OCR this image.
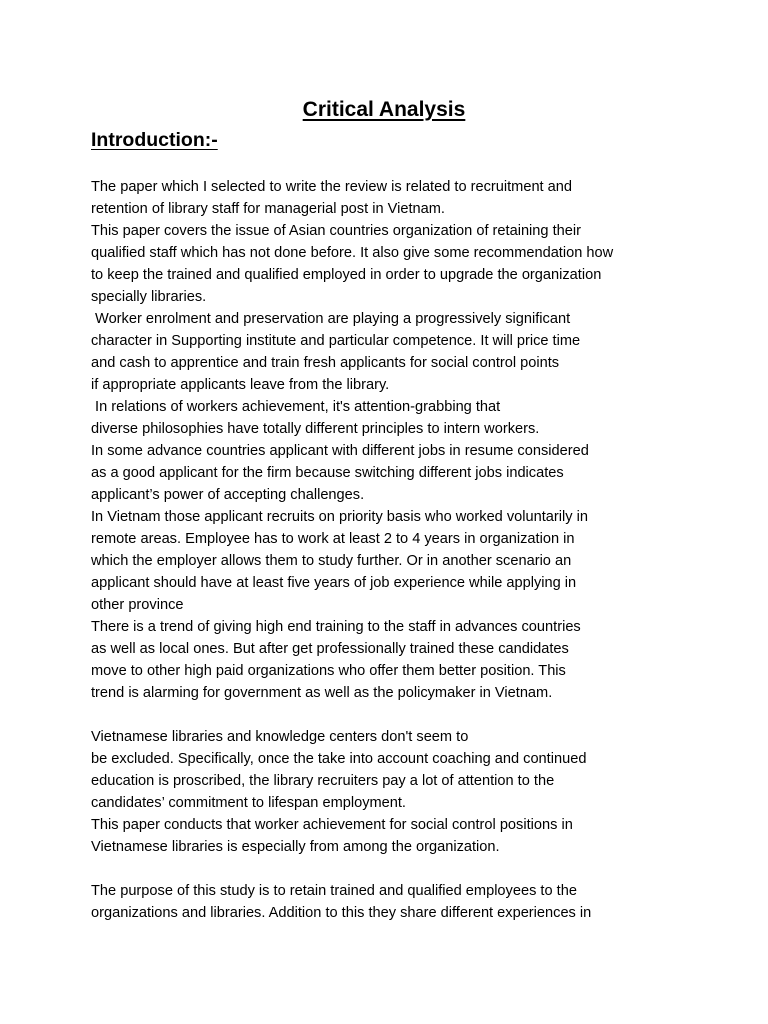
Critical Analysis
Introduction:-
The paper which I selected to write the review is related to recruitment and
retention of library staff for managerial post in Vietnam.
This paper covers the issue of Asian countries organization of retaining their
qualified staff which has not done before. It also give some recommendation how
to keep the trained and qualified employed in order to upgrade the organization
specially libraries.
Worker enrolment and preservation are playing a progressively significant
character in Supporting institute and particular competence. It will price time
and cash to apprentice and train fresh applicants for social control points
if appropriate applicants leave from the library.
In relations of workers achievement, it's attention-grabbing that
diverse philosophies have totally different principles to intern workers.
In some advance countries applicant with different jobs in resume considered
as a good applicant for the firm because switching different jobs indicates
applicant’s power of accepting challenges.
In Vietnam those applicant recruits on priority basis who worked voluntarily in
remote areas. Employee has to work at least 2 to 4 years in organization in
which the employer allows them to study further. Or in another scenario an
applicant should have at least five years of job experience while applying in
other province
There is a trend of giving high end training to the staff in advances countries
as well as local ones. But after get professionally trained these candidates
move to other high paid organizations who offer them better position. This
trend is alarming for government as well as the policymaker in Vietnam.
Vietnamese libraries and knowledge centers don't seem to
be excluded. Specifically, once the take into account coaching and continued
education is proscribed, the library recruiters pay a lot of attention to the
candidates’ commitment to lifespan employment.
This paper conducts that worker achievement for social control positions in
Vietnamese libraries is especially from among the organization.
The purpose of this study is to retain trained and qualified employees to the
organizations and libraries. Addition to this they share different experiences in
